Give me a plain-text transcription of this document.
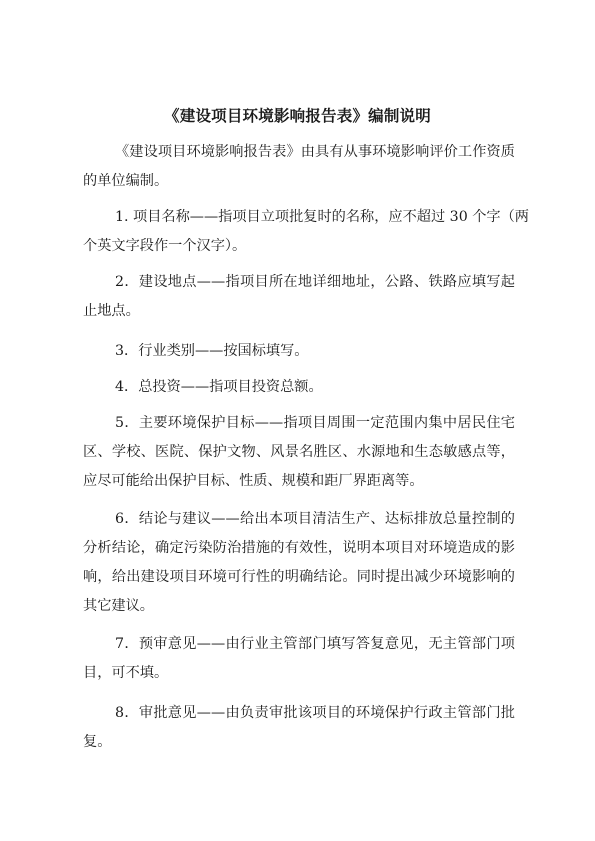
《建设项目环境影响报告表》编制说明
《建设项目环境影响报告表》由具有从事环境影响评价工作资质
的单位编制。
1. 项目名称——指项目立项批复时的名称，应不超过 30 个字（两
个英文字段作一个汉字）。
2．建设地点——指项目所在地详细地址，公路、铁路应填写起
止地点。
3．行业类别——按国标填写。
4．总投资——指项目投资总额。
5．主要环境保护目标——指项目周围一定范围内集中居民住宅
区、学校、医院、保护文物、风景名胜区、水源地和生态敏感点等，
应尽可能给出保护目标、性质、规模和距厂界距离等。
6．结论与建议——给出本项目清洁生产、达标排放总量控制的
分析结论，确定污染防治措施的有效性，说明本项目对环境造成的影
响，给出建设项目环境可行性的明确结论。同时提出减少环境影响的
其它建议。
7．预审意见——由行业主管部门填写答复意见，无主管部门项
目，可不填。
8．审批意见——由负责审批该项目的环境保护行政主管部门批
复。
